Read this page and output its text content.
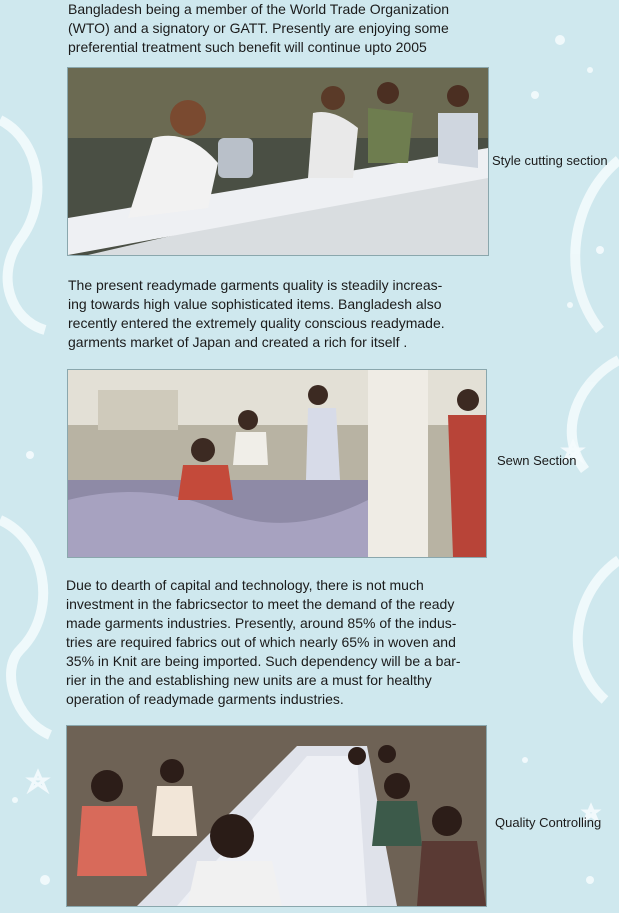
Bangladesh being a member of the World Trade Organization
(WTO) and a signatory or GATT. Presently are enjoying some
preferential treatment such benefit will continue upto 2005
Style cutting section
The present readymade garments quality is steadily increas-
ing towards high value sophisticated items. Bangladesh also
recently entered the extremely quality conscious readymade.
garments market of Japan and created a rich for itself .
Sewn Section
Due to dearth of capital and technology, there is not much
investment in the fabricsector to meet the demand of the ready
made garments industries. Presently, around 85% of the indus-
tries are required fabrics out of which nearly 65% in woven and
35% in Knit are being imported. Such dependency will be a bar-
rier in the and establishing new units are a must for healthy
operation of readymade garments industries.
Quality Controlling
